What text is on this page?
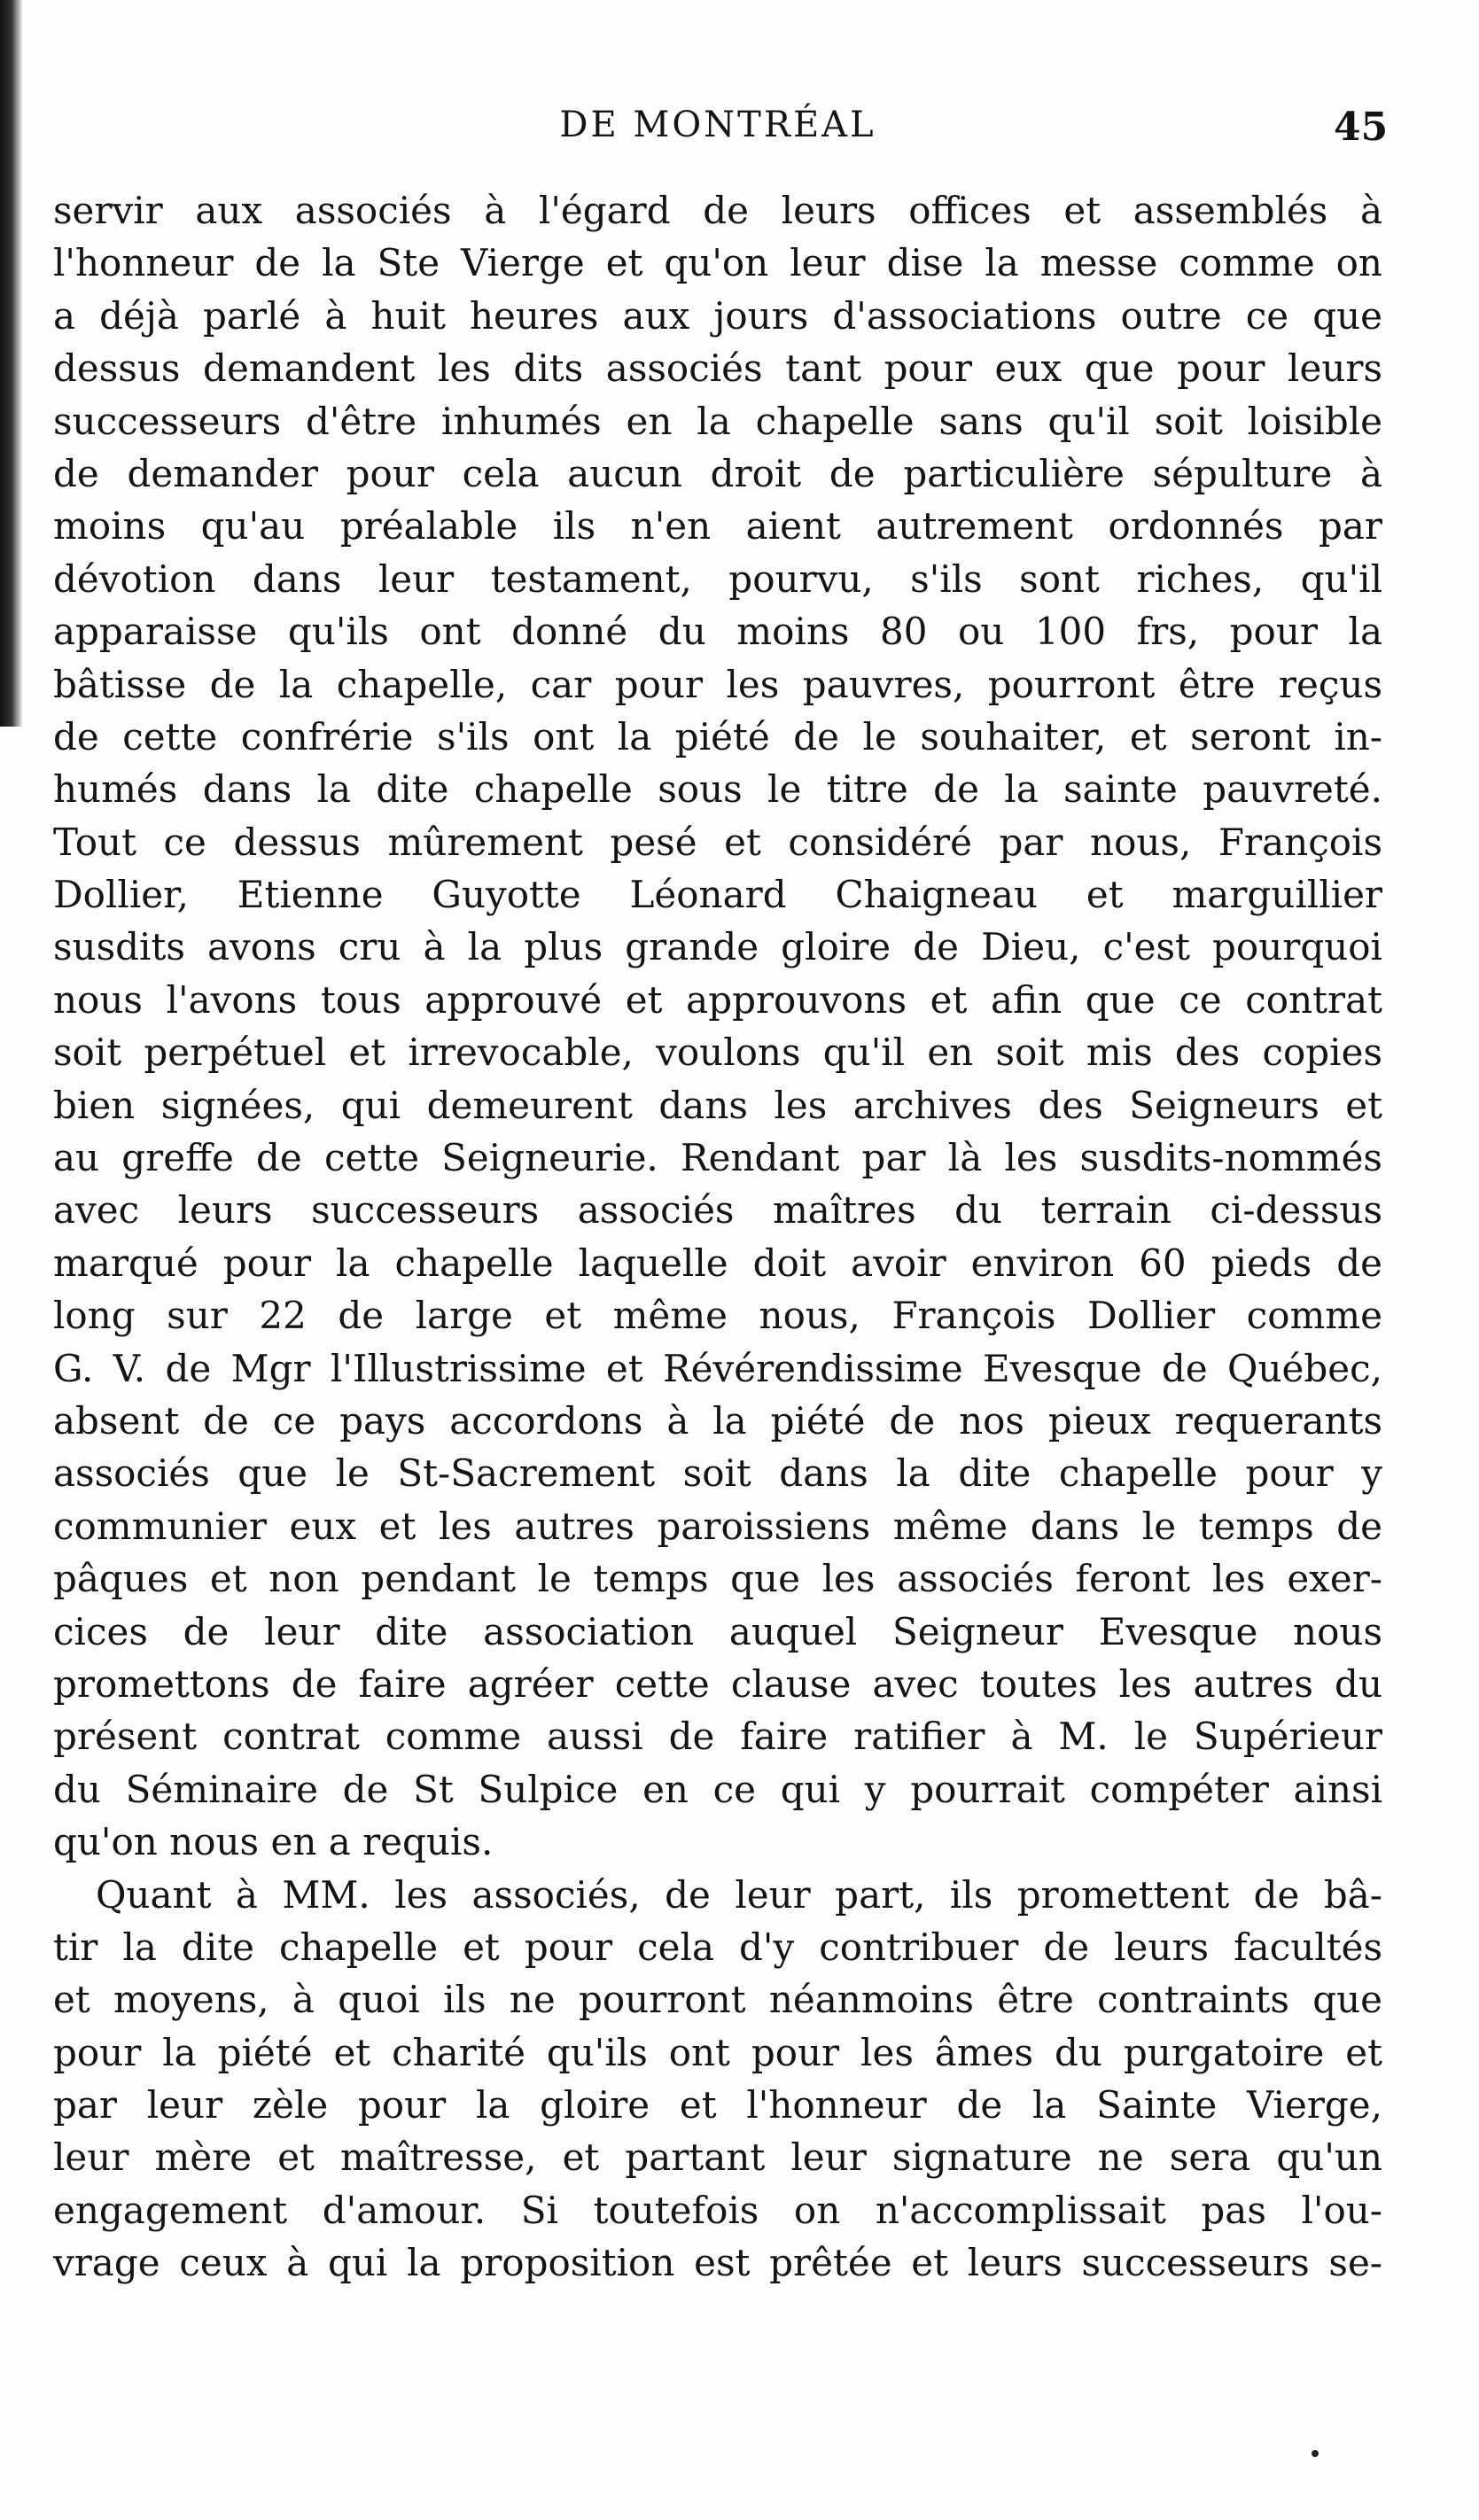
DE MONTRÉAL	45
servir aux associés à l'égard de leurs offices et assemblés à
l'honneur de la Ste Vierge et qu'on leur dise la messe comme on
a déjà parlé à huit heures aux jours d'associations outre ce que
dessus demandent les dits associés tant pour eux que pour leurs
successeurs d'être inhumés en la chapelle sans qu'il soit loisible
de demander pour cela aucun droit de particulière sépulture à
moins qu'au préalable ils n'en aient autrement ordonnés par
dévotion dans leur testament, pourvu, s'ils sont riches, qu'il
apparaisse qu'ils ont donné du moins 80 ou 100 frs, pour la
bâtisse de la chapelle, car pour les pauvres, pourront être reçus
de cette confrérie s'ils ont la piété de le souhaiter, et seront in-
humés dans la dite chapelle sous le titre de la sainte pauvreté.
Tout ce dessus mûrement pesé et considéré par nous, François
Dollier, Etienne Guyotte Léonard Chaigneau et marguillier
susdits avons cru à la plus grande gloire de Dieu, c'est pourquoi
nous l'avons tous approuvé et approuvons et afin que ce contrat
soit perpétuel et irrevocable, voulons qu'il en soit mis des copies
bien signées, qui demeurent dans les archives des Seigneurs et
au greffe de cette Seigneurie. Rendant par là les susdits-nommés
avec leurs successeurs associés maîtres du terrain ci-dessus
marqué pour la chapelle laquelle doit avoir environ 60 pieds de
long sur 22 de large et même nous, François Dollier comme
G. V. de Mgr l'Illustrissime et Révérendissime Evesque de Québec,
absent de ce pays accordons à la piété de nos pieux requerants
associés que le St-Sacrement soit dans la dite chapelle pour y
communier eux et les autres paroissiens même dans le temps de
pâques et non pendant le temps que les associés feront les exer-
cices de leur dite association auquel Seigneur Evesque nous
promettons de faire agréer cette clause avec toutes les autres du
présent contrat comme aussi de faire ratifier à M. le Supérieur
du Séminaire de St Sulpice en ce qui y pourrait compéter ainsi
qu'on nous en a requis.
Quant à MM. les associés, de leur part, ils promettent de bâ-
tir la dite chapelle et pour cela d'y contribuer de leurs facultés
et moyens, à quoi ils ne pourront néanmoins être contraints que
pour la piété et charité qu'ils ont pour les âmes du purgatoire et
par leur zèle pour la gloire et l'honneur de la Sainte Vierge,
leur mère et maîtresse, et partant leur signature ne sera qu'un
engagement d'amour. Si toutefois on n'accomplissait pas l'ou-
vrage ceux à qui la proposition est prêtée et leurs successeurs se-
